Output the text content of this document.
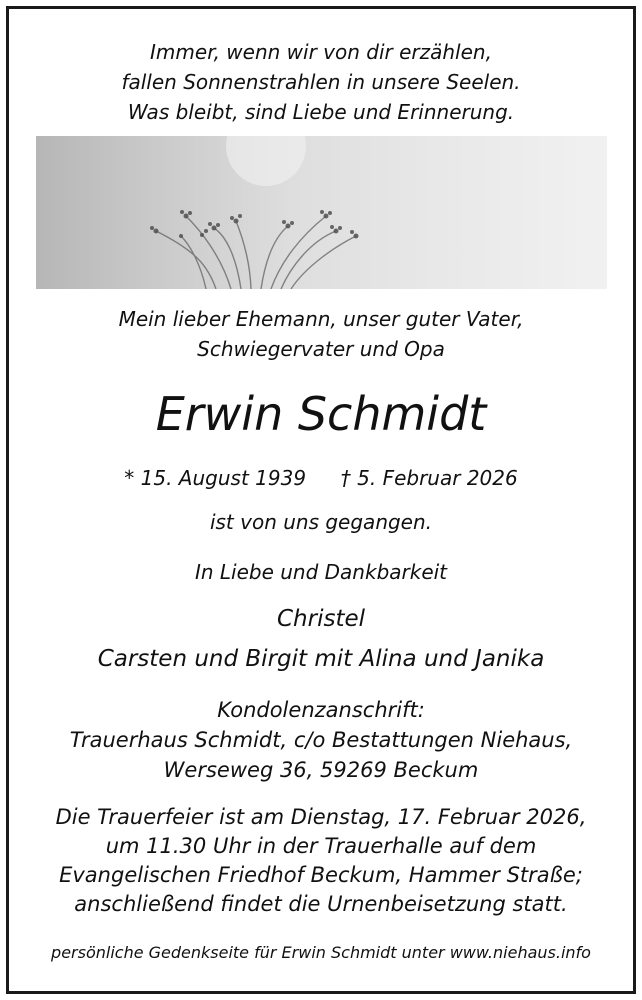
Immer, wenn wir von dir erzählen,
fallen Sonnenstrahlen in unsere Seelen.
Was bleibt, sind Liebe und Erinnerung.
Mein lieber Ehemann, unser guter Vater,
Schwiegervater und Opa
Erwin Schmidt
* 15. August 1939 † 5. Februar 2026
ist von uns gegangen.
In Liebe und Dankbarkeit
Christel
Carsten und Birgit mit Alina und Janika
Kondolenzanschrift:
Trauerhaus Schmidt, c/o Bestattungen Niehaus,
Werseweg 36, 59269 Beckum
Die Trauerfeier ist am Dienstag, 17. Februar 2026,
um 11.30 Uhr in der Trauerhalle auf dem
Evangelischen Friedhof Beckum, Hammer Straße;
anschließend findet die Urnenbeisetzung statt.
persönliche Gedenkseite für Erwin Schmidt unter www.niehaus.info
